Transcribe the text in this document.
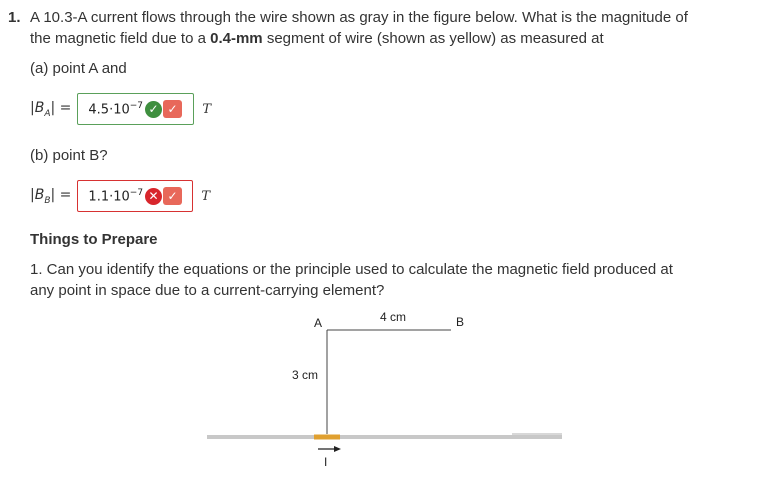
1. A 10.3-A current flows through the wire shown as gray in the figure below. What is the magnitude of
the magnetic field due to a 0.4-mm segment of wire (shown as yellow) as measured at
(a) point A and
$|B_A| = 4.5\cdot 10^{-7}$ ✓ ✓	T
(b) point B?
$|B_B| = 1.1\cdot 10^{-7}$ ✕ ✓	T
Things to Prepare
1. Can you identify the equations or the principle used to calculate the magnetic field produced at
any point in space due to a current-carrying element?
A	B
4 cm
3 cm
I
